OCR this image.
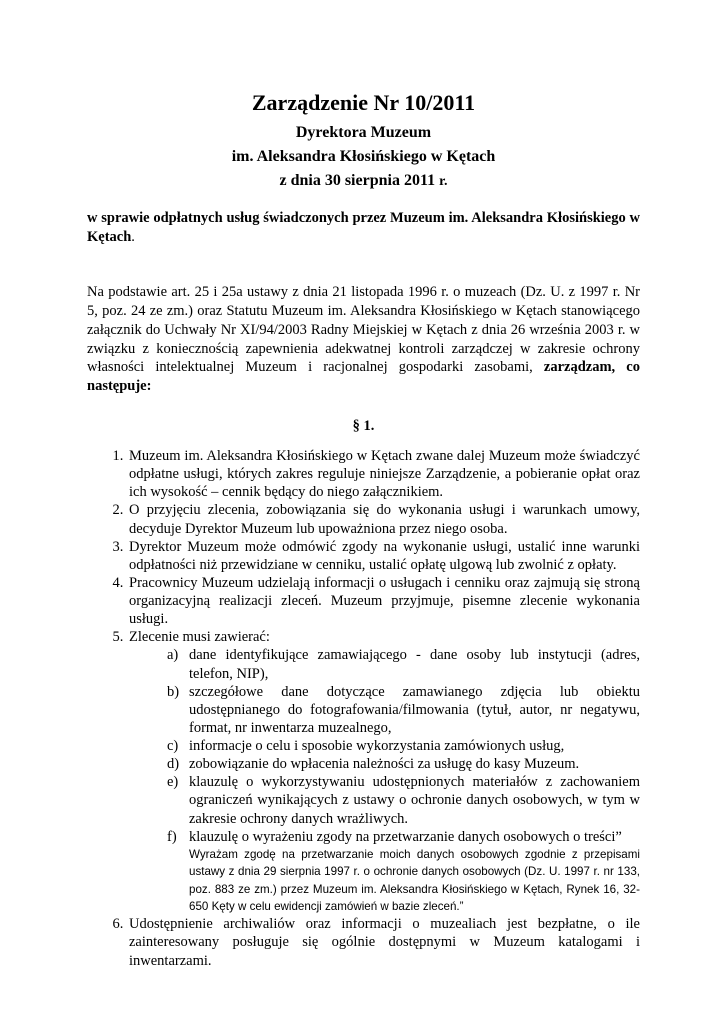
Zarządzenie Nr 10/2011

Dyrektora Muzeum

im. Aleksandra Kłosińskiego w Kętach

z dnia 30 sierpnia 2011 r.

w sprawie odpłatnych usług świadczonych przez Muzeum im. Aleksandra Kłosińskiego w Kętach.

Na podstawie art. 25 i 25a ustawy z dnia 21 listopada 1996 r. o muzeach (Dz. U. z 1997 r. Nr 5, poz. 24 ze zm.) oraz Statutu Muzeum im. Aleksandra Kłosińskiego w Kętach stanowiącego załącznik do Uchwały Nr XI/94/2003 Radny Miejskiej w Kętach z dnia 26 września 2003 r. w związku z koniecznością zapewnienia adekwatnej kontroli zarządczej w zakresie ochrony własności intelektualnej Muzeum i racjonalnej gospodarki zasobami, zarządzam, co następuje:

§ 1.

1. Muzeum im. Aleksandra Kłosińskiego w Kętach zwane dalej Muzeum może świadczyć odpłatne usługi, których zakres reguluje niniejsze Zarządzenie, a pobieranie opłat oraz ich wysokość – cennik będący do niego załącznikiem.
2. O przyjęciu zlecenia, zobowiązania się do wykonania usługi i warunkach umowy, decyduje Dyrektor Muzeum lub upoważniona przez niego osoba.
3. Dyrektor Muzeum może odmówić zgody na wykonanie usługi, ustalić inne warunki odpłatności niż przewidziane w cenniku, ustalić opłatę ulgową lub zwolnić z opłaty.
4. Pracownicy Muzeum udzielają informacji o usługach i cenniku oraz zajmują się stroną organizacyjną realizacji zleceń. Muzeum przyjmuje, pisemne zlecenie wykonania usługi.
5. Zlecenie musi zawierać:
a) dane identyfikujące zamawiającego - dane osoby lub instytucji (adres, telefon, NIP),
b) szczegółowe dane dotyczące zamawianego zdjęcia lub obiektu udostępnianego do fotografowania/filmowania (tytuł, autor, nr negatywu, format, nr inwentarza muzealnego,
c) informacje o celu i sposobie wykorzystania zamówionych usług,
d) zobowiązanie do wpłacenia należności za usługę do kasy Muzeum.
e) klauzulę o wykorzystywaniu udostępnionych materiałów z zachowaniem ograniczeń wynikających z ustawy o ochronie danych osobowych, w tym w zakresie ochrony danych wrażliwych.
f) klauzulę o wyrażeniu zgody na przetwarzanie danych osobowych o treści”
Wyrażam zgodę na przetwarzanie moich danych osobowych zgodnie z przepisami ustawy z dnia 29 sierpnia 1997 r. o ochronie danych osobowych (Dz. U. 1997 r. nr 133, poz. 883 ze zm.) przez Muzeum im. Aleksandra Kłosińskiego w Kętach, Rynek 16, 32-650 Kęty w celu ewidencji zamówień w bazie zleceń.”
6. Udostępnienie archiwaliów oraz informacji o muzealiach jest bezpłatne, o ile zainteresowany posługuje się ogólnie dostępnymi w Muzeum katalogami i inwentarzami.
